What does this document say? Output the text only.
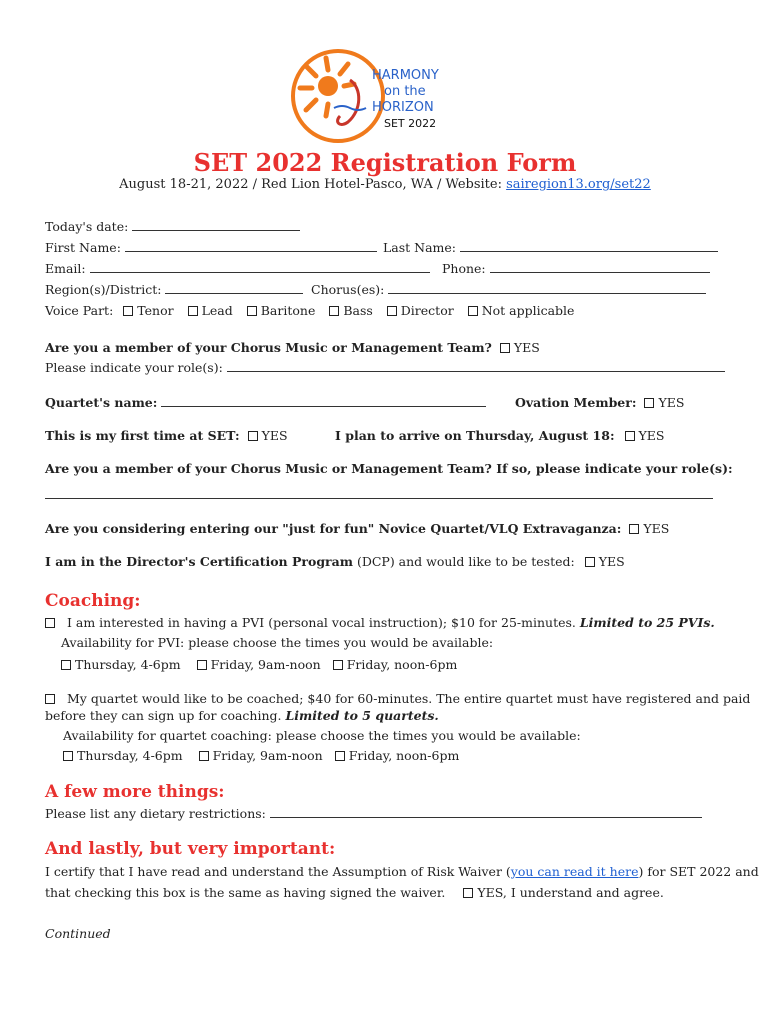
HARMONY
on the
HORIZON
SET 2022
SET 2022 Registration Form
August 18-21, 2022 / Red Lion Hotel-Pasco, WA / Website: sairegion13.org/set22
Today's date:
First Name:	Last Name:
Email:	Phone:
Region(s)/District:	Chorus(es):
Voice Part: Tenor Lead Baritone Bass Director Not applicable
Are you a member of your Chorus Music or Management Team? YES
Please indicate your role(s):
Quartet's name:	Ovation Member: YES
This is my first time at SET: YES	I plan to arrive on Thursday, August 18: YES
Are you a member of your Chorus Music or Management Team? If so, please indicate your role(s):
Are you considering entering our "just for fun" Novice Quartet/VLQ Extravaganza: YES
I am in the Director's Certification Program (DCP) and would like to be tested: YES
Coaching:
I am interested in having a PVI (personal vocal instruction); $10 for 25-minutes. Limited to 25 PVIs.
Availability for PVI: please choose the times you would be available:
Thursday, 4-6pm Friday, 9am-noon Friday, noon-6pm
My quartet would like to be coached; $40 for 60-minutes. The entire quartet must have registered and paid
before they can sign up for coaching. Limited to 5 quartets.
Availability for quartet coaching: please choose the times you would be available:
Thursday, 4-6pm Friday, 9am-noon Friday, noon-6pm
A few more things:
Please list any dietary restrictions:
And lastly, but very important:
I certify that I have read and understand the Assumption of Risk Waiver (you can read it here) for SET 2022 and
that checking this box is the same as having signed the waiver.	YES, I understand and agree.
Continued
